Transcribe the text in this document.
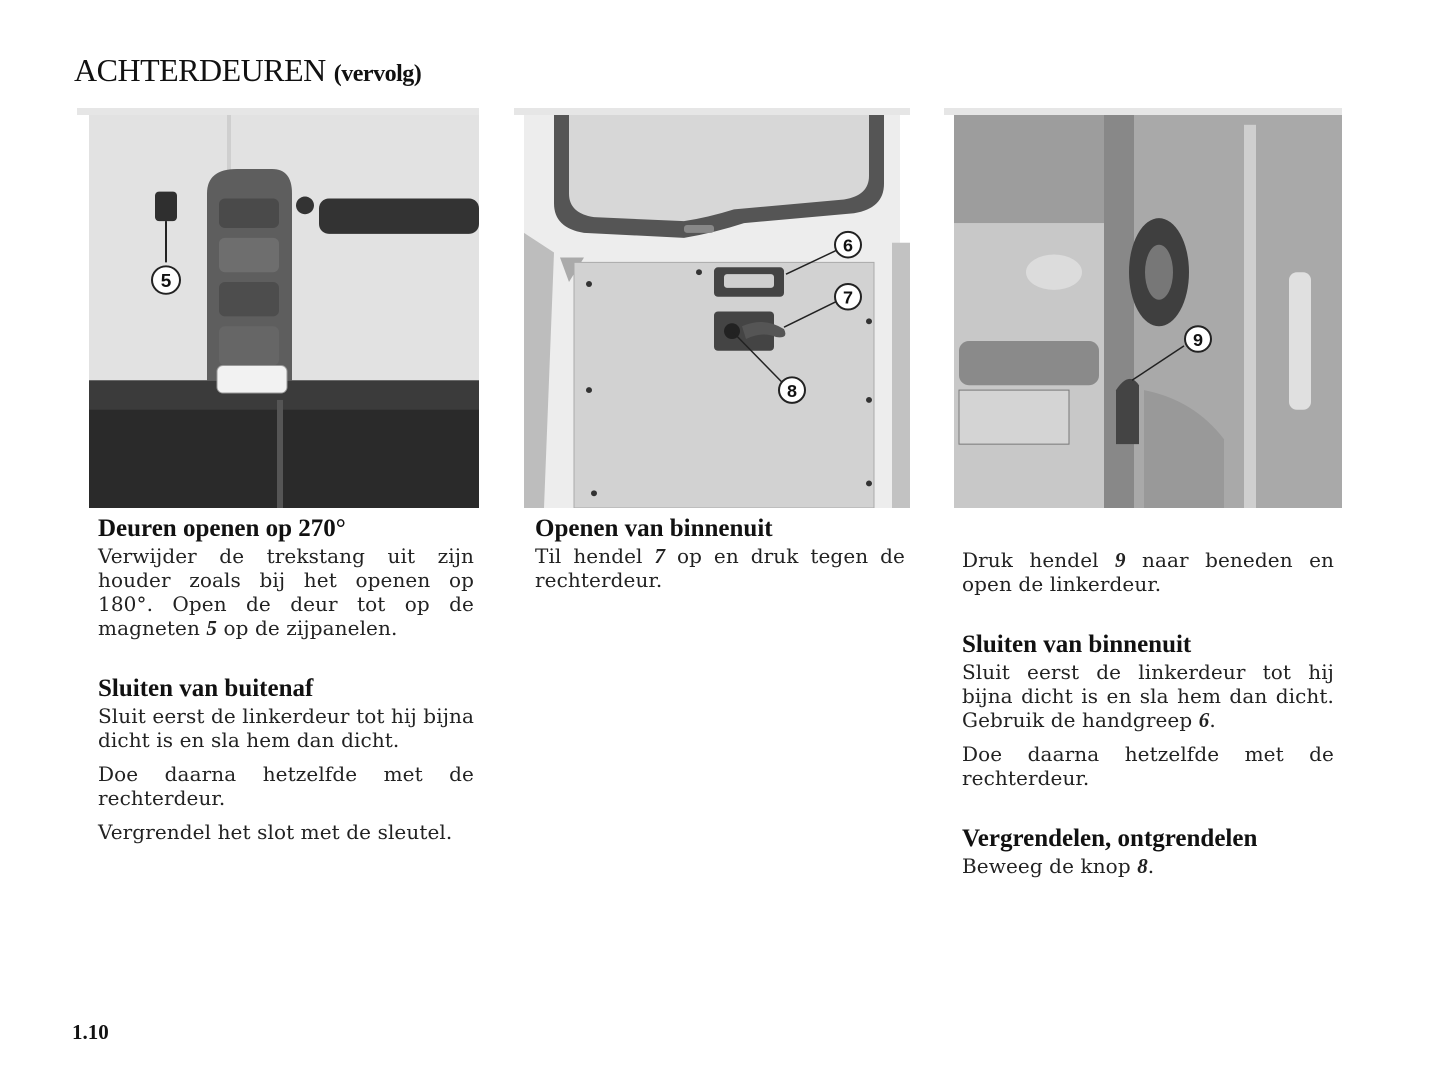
ACHTERDEUREN (vervolg)
5
6
7
8
9
Deuren openen op 270°

Verwijder de trekstang uit zijn houder zoals bij het openen op 180°. Open de deur tot op de magneten 5 op de zijpanelen.

Sluiten van buitenaf

Sluit eerst de linkerdeur tot hij bijna dicht is en sla hem dan dicht.

Doe daarna hetzelfde met de rechterdeur.

Vergrendel het slot met de sleutel.

Openen van binnenuit

Til hendel 7 op en druk tegen de rechterdeur.

Druk hendel 9 naar beneden en open de linkerdeur.

Sluiten van binnenuit

Sluit eerst de linkerdeur tot hij bijna dicht is en sla hem dan dicht. Gebruik de handgreep 6.

Doe daarna hetzelfde met de rechterdeur.

Vergrendelen, ontgrendelen

Beweeg de knop 8.

1.10
